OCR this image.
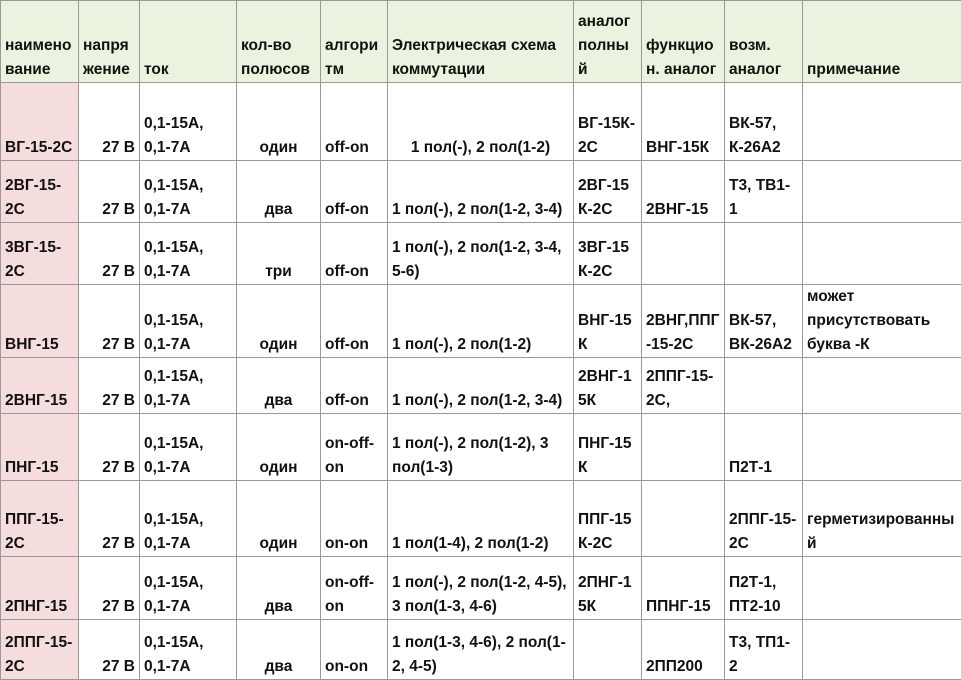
наименование	напряжение	ток	кол-во полюсов	алгоритм	Электрическая схема коммутации	аналог полный	функцион. аналог	возм. аналог	примечание
ВГ-15-2С	27 В	0,1-15А, 0,1-7А	один	off-on	1 пол(-), 2 пол(1-2)	ВГ-15К-2С	ВНГ-15К	ВК-57, К-26А2	
2ВГ-15-2С	27 В	0,1-15А, 0,1-7А	два	off-on	1 пол(-), 2 пол(1-2, 3-4)	2ВГ-15К-2С	2ВНГ-15	Т3, ТВ1-1	
3ВГ-15-2С	27 В	0,1-15А, 0,1-7А	три	off-on	1 пол(-), 2 пол(1-2, 3-4, 5-6)	3ВГ-15К-2С			
ВНГ-15	27 В	0,1-15А, 0,1-7А	один	off-on	1 пол(-), 2 пол(1-2)	ВНГ-15К	2ВНГ,ППГ-15-2С	ВК-57, ВК-26А2	может присутствовать буква -К
2ВНГ-15	27 В	0,1-15А, 0,1-7А	два	off-on	1 пол(-), 2 пол(1-2, 3-4)	2ВНГ-15К	2ППГ-15-2С,		
ПНГ-15	27 В	0,1-15А, 0,1-7А	один	on-off-on	1 пол(-), 2 пол(1-2), 3 пол(1-3)	ПНГ-15К		П2Т-1	
ППГ-15-2С	27 В	0,1-15А, 0,1-7А	один	on-on	1 пол(1-4), 2 пол(1-2)	ППГ-15К-2С		2ППГ-15-2С	герметизированный
2ПНГ-15	27 В	0,1-15А, 0,1-7А	два	on-off-on	1 пол(-), 2 пол(1-2, 4-5), 3 пол(1-3, 4-6)	2ПНГ-15К	ППНГ-15	П2Т-1, ПТ2-10	
2ППГ-15-2С	27 В	0,1-15А, 0,1-7А	два	on-on	1 пол(1-3, 4-6), 2 пол(1-2, 4-5)		2ПП200	Т3, ТП1-2	
